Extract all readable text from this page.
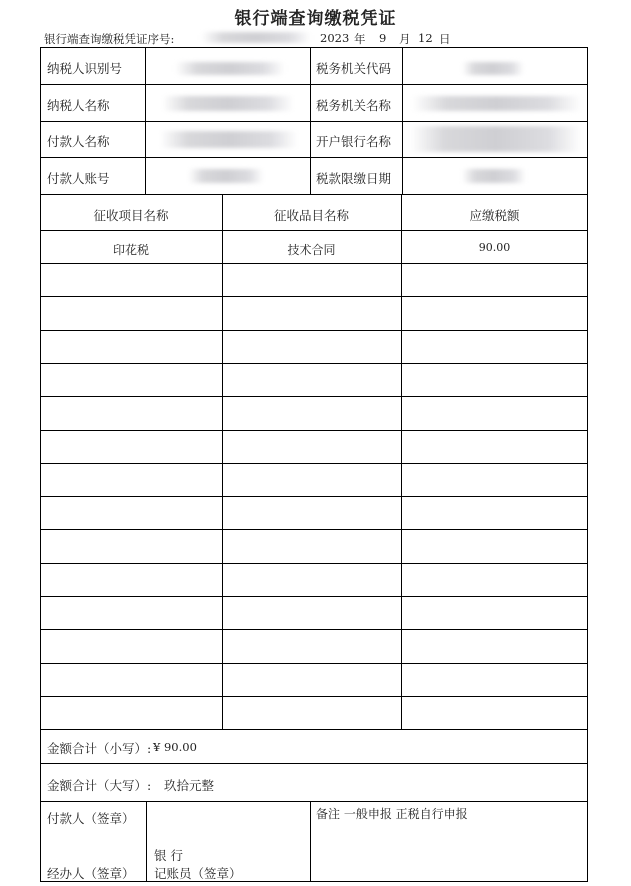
银行端查询缴税凭证
银行端查询缴税凭证序号:	2023 年 9 月 12 日
纳税人识别号	税务机关代码
纳税人名称	税务机关名称
付款人名称	开户银行名称
付款人账号	税款限缴日期
征收项目名称	征收品目名称	应缴税额
印花税	技术合同	90.00
金额合计（小写）: ¥ 90.00
金额合计（大写）: 玖拾元整
付款人（签章）
经办人（签章）
银 行
记账员（签章）
备注 一般申报 正税自行申报
